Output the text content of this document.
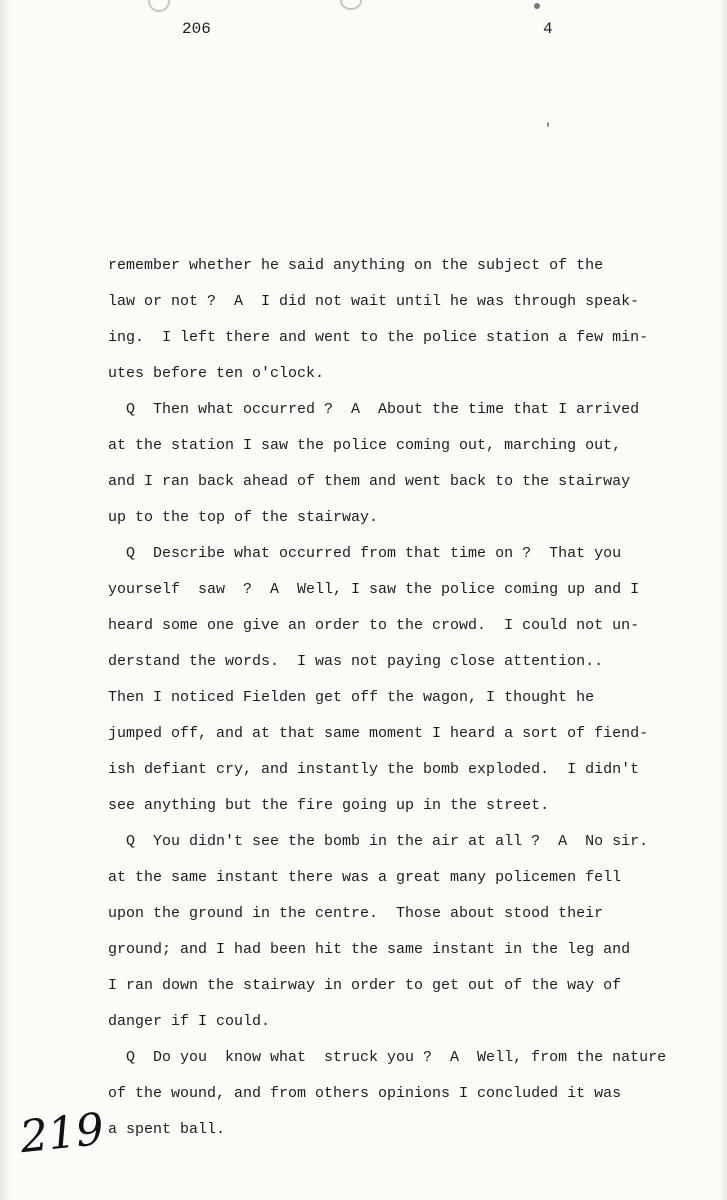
206	4
remember whether he said anything on the subject of the
law or not ?  A  I did not wait until he was through speak-
ing.  I left there and went to the police station a few min-
utes before ten o'clock.
Q  Then what occurred ?  A  About the time that I arrived
at the station I saw the police coming out, marching out,
and I ran back ahead of them and went back to the stairway
up to the top of the stairway.
Q  Describe what occurred from that time on ?  That you
yourself  saw  ?  A  Well, I saw the police coming up and I
heard some one give an order to the crowd.  I could not un-
derstand the words.  I was not paying close attention..
Then I noticed Fielden get off the wagon, I thought he
jumped off, and at that same moment I heard a sort of fiend-
ish defiant cry, and instantly the bomb exploded.  I didn't
see anything but the fire going up in the street.
Q  You didn't see the bomb in the air at all ?  A  No sir.
at the same instant there was a great many policemen fell
upon the ground in the centre.  Those about stood their
ground; and I had been hit the same instant in the leg and
I ran down the stairway in order to get out of the way of
danger if I could.
Q  Do you  know what  struck you ?  A  Well, from the nature
of the wound, and from others opinions I concluded it was
a spent ball.
219
